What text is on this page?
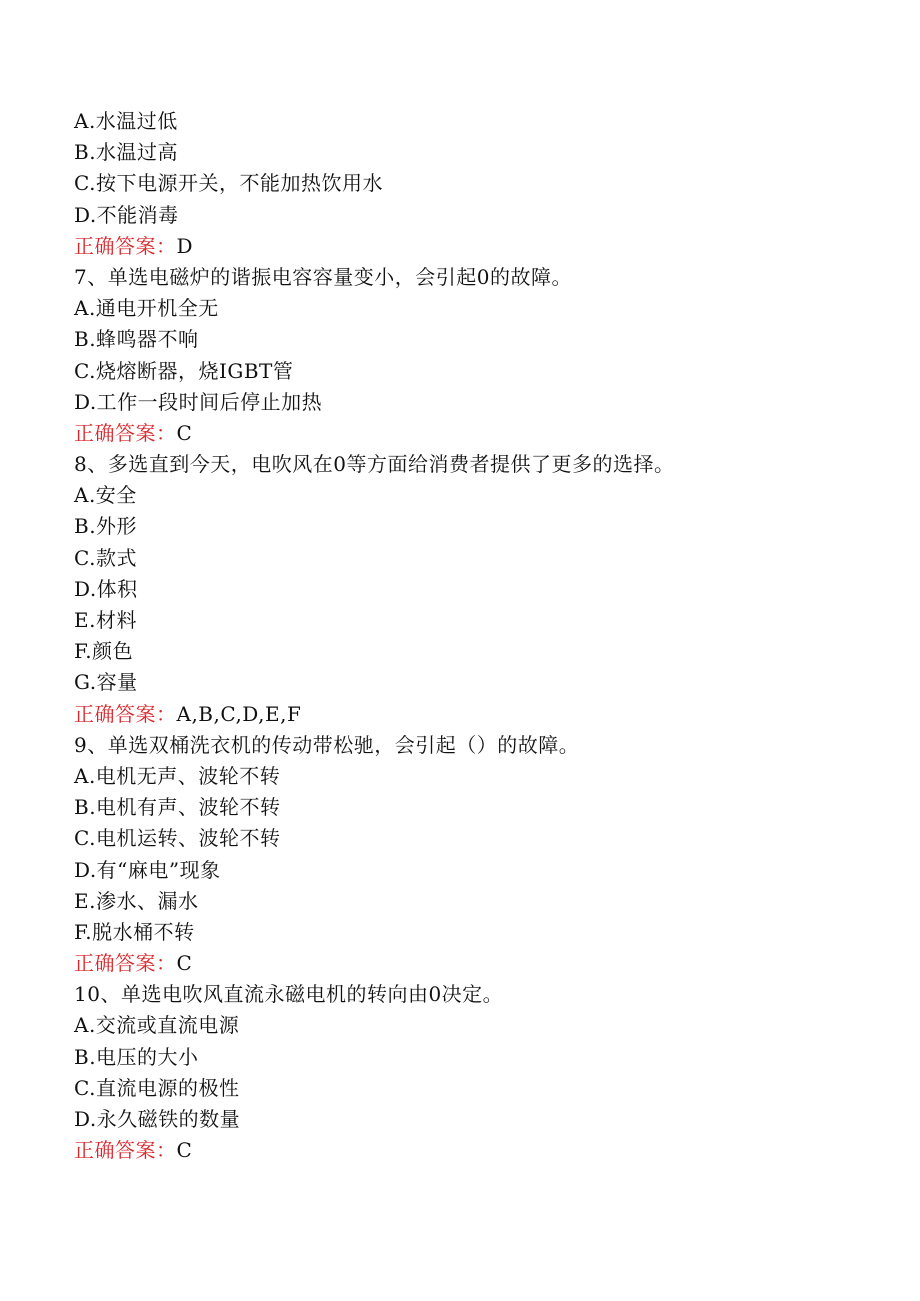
A.水温过低
B.水温过高
C.按下电源开关，不能加热饮用水
D.不能消毒
正确答案：D
7、单选电磁炉的谐振电容容量变小，会引起0的故障。
A.通电开机全无
B.蜂鸣器不响
C.烧熔断器，烧IGBT管
D.工作一段时间后停止加热
正确答案：C
8、多选直到今天，电吹风在0等方面给消费者提供了更多的选择。
A.安全
B.外形
C.款式
D.体积
E.材料
F.颜色
G.容量
正确答案：A,B,C,D,E,F
9、单选双桶洗衣机的传动带松驰，会引起（）的故障。
A.电机无声、波轮不转
B.电机有声、波轮不转
C.电机运转、波轮不转
D.有“麻电”现象
E.渗水、漏水
F.脱水桶不转
正确答案：C
10、单选电吹风直流永磁电机的转向由0决定。
A.交流或直流电源
B.电压的大小
C.直流电源的极性
D.永久磁铁的数量
正确答案：C
